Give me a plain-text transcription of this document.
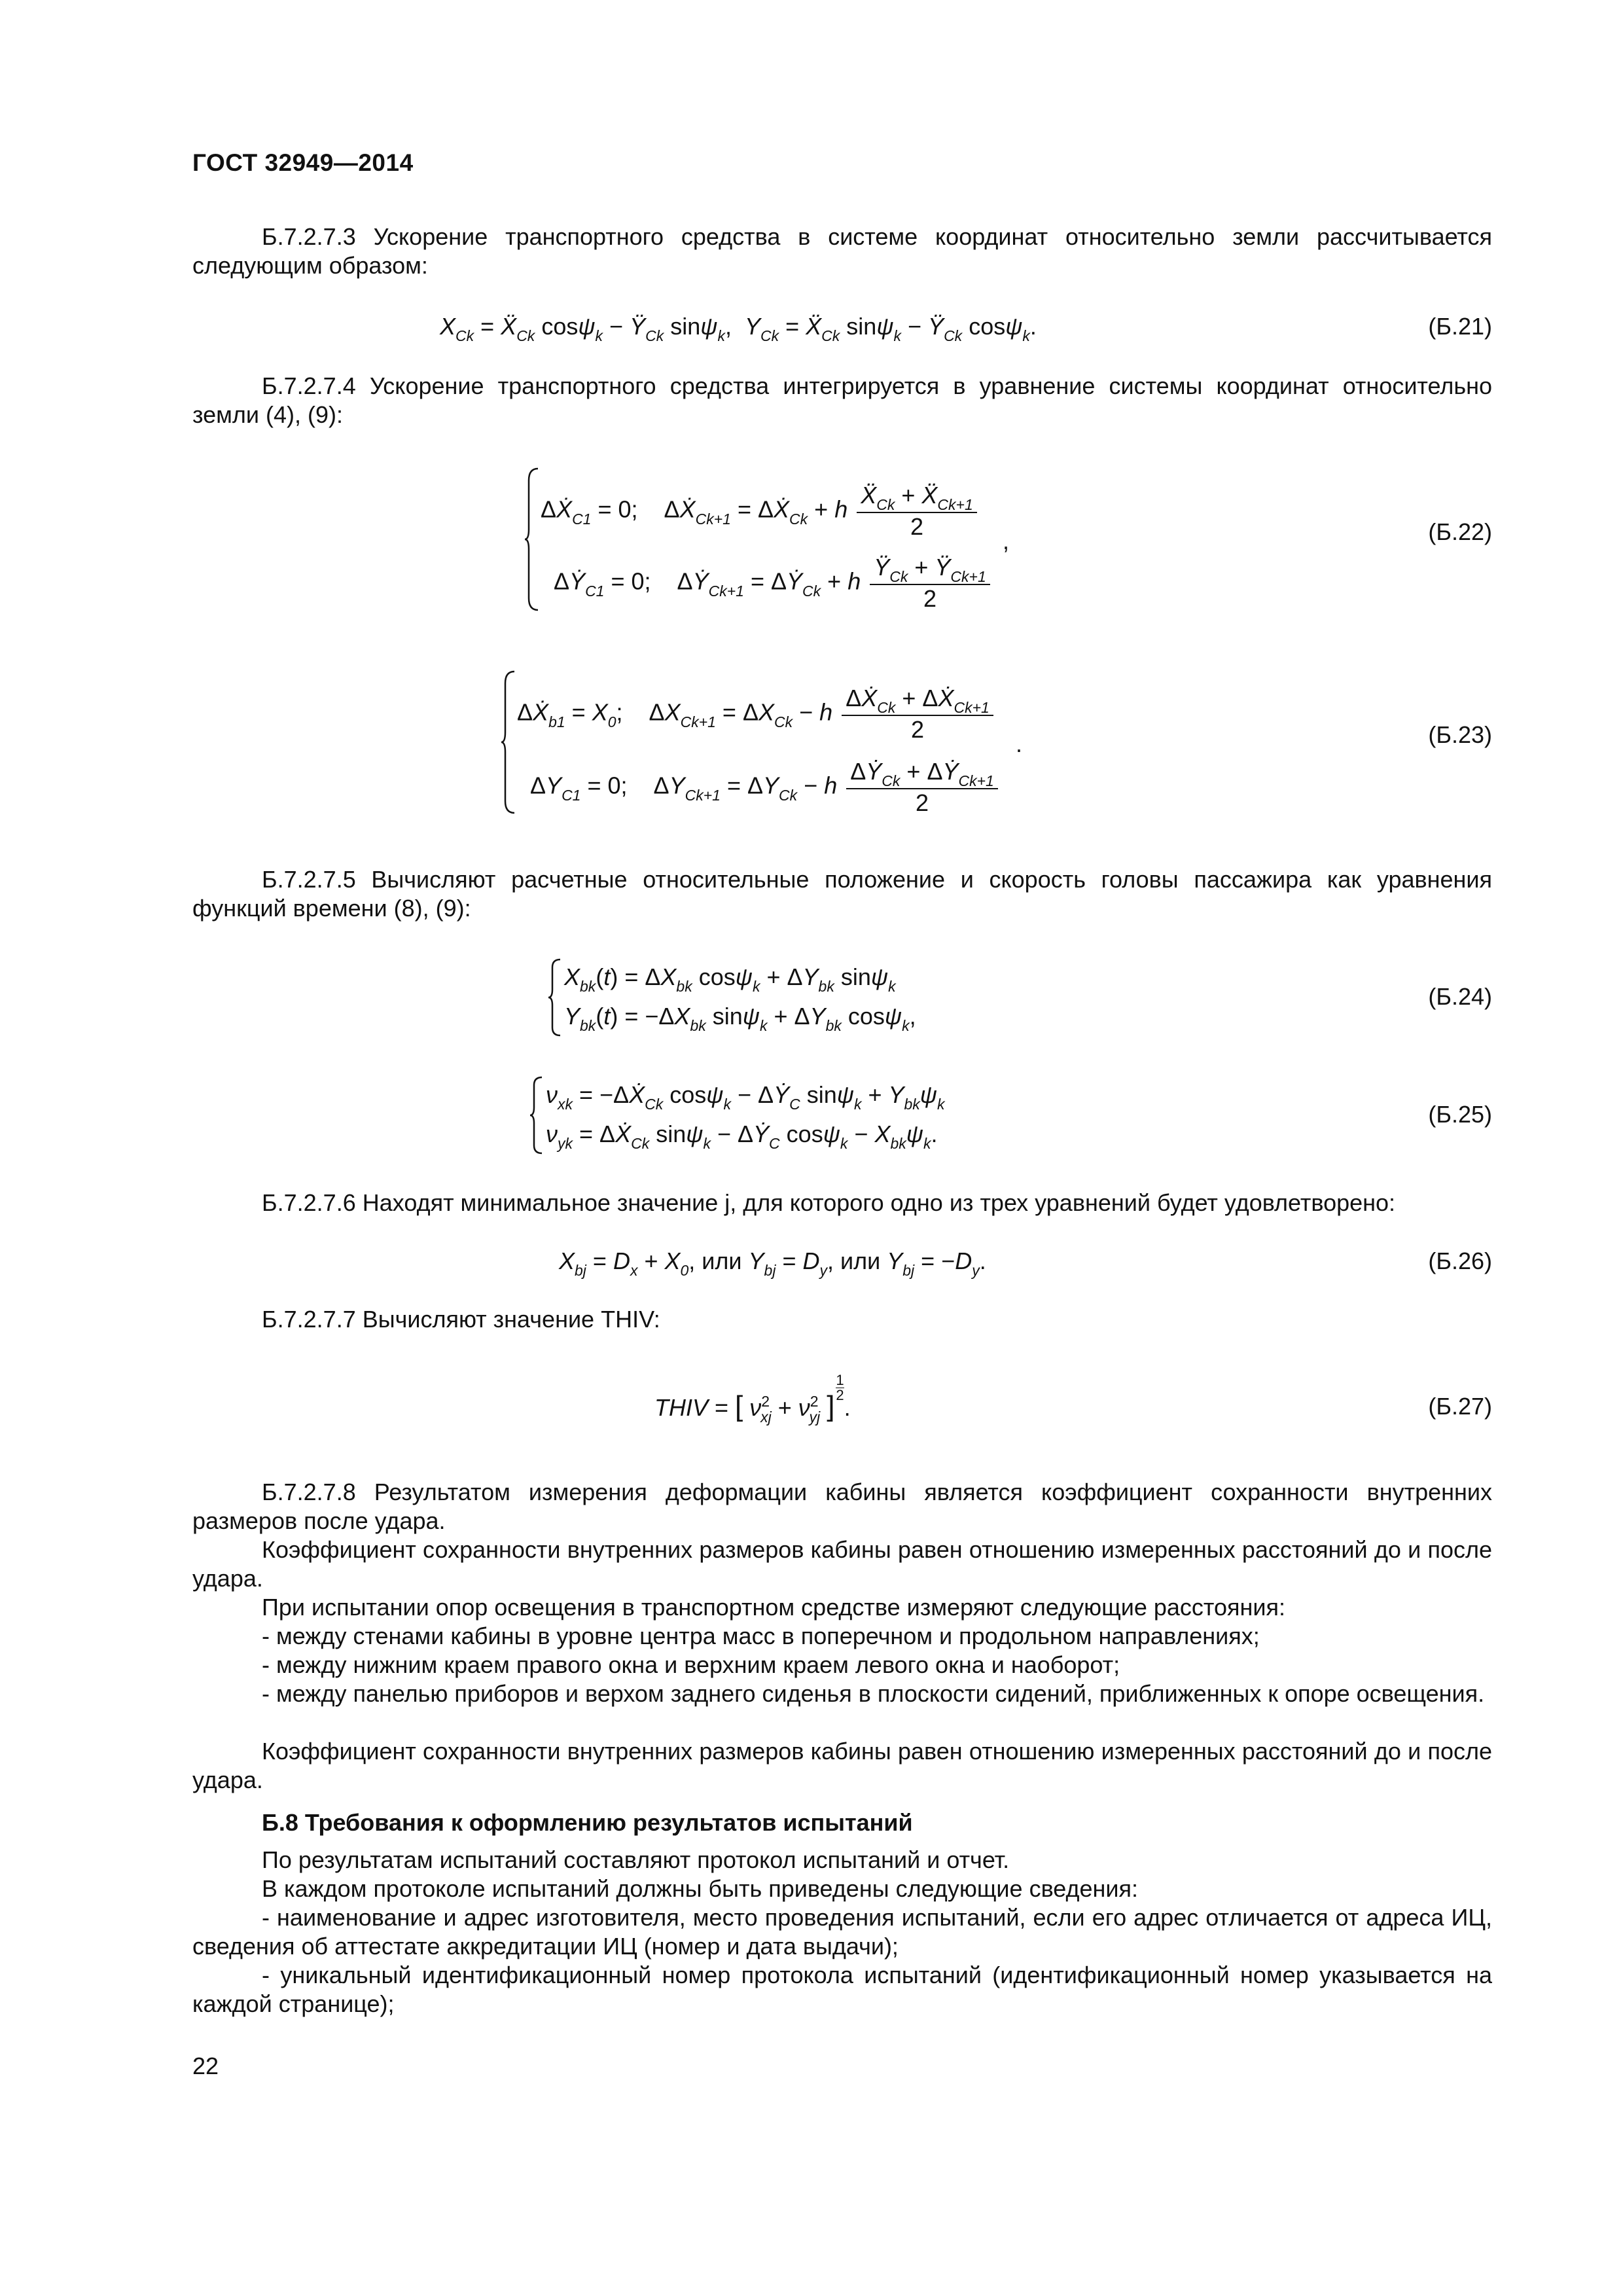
ГОСТ 32949—2014
Б.7.2.7.3 Ускорение транспортного средства в системе координат относительно земли рассчитывается следующим образом:
$X_{Ck}$ = Ẍ$_{Ck}$ $\cos\psi_k - Ÿ_{Ck}$ sinψ$_k$,  $Y_{Ck}$ = Ẍ$_{Ck}$ $\sin\psi_k - Ÿ_{Ck}$ cosψ$_k$.	(Б.21)
Б.7.2.7.4 Ускорение транспортного средства интегрируется в уравнение системы координат относительно земли (4), (9):
ΔẊ$_{C1}$ = 0;    ΔẊ$_{Ck+1}$ = ΔẊ$_{Ck}$ + h $\frac{Ẍ_{Ck} + Ẍ_{Ck+1}}{2}$
ΔẎ$_{C1}$ = 0;    ΔẎ$_{Ck+1}$ = ΔẎ$_{Ck}$ + h $\frac{Ÿ_{Ck} + Ÿ_{Ck+1}}{2}$
,	(Б.22)
ΔẊ$_{b1}$ = $X_0$;    $\Delta X_{Ck+1} = \Delta X_{Ck} - h \frac{\Delta Ẋ_{Ck} + \Delta Ẋ_{Ck+1}}{2}$
$\Delta Y_{C1} = 0$;    $\Delta Y_{Ck+1} = \Delta Y_{Ck} - h \frac{\Delta Ẏ_{Ck} + \Delta Ẏ_{Ck+1}}{2}$
.	(Б.23)
Б.7.2.7.5 Вычисляют расчетные относительные положение и скорость головы пассажира как уравнения функций времени (8), (9):
$X_{bk}(t) = \Delta X_{bk}$ $\cos\psi_k + \Delta Y_{bk}$ sinψ$_k$
$Y_{bk}(t) = -\Delta X_{bk}$ $\sin\psi_k + \Delta Y_{bk}$ cosψ$_k$,
(Б.24)
$\nu_{xk}$ = −ΔẊ$_{Ck}$ cosψ$_k$ − ΔẎ$_C$ $\sin\psi_k + Y_{bk}\psi_k$
$\nu_{yk}$ = ΔẊ$_{Ck}$ sinψ$_k$ − ΔẎ$_C$ $\cos\psi_k - X_{bk}\psi_k$.
(Б.25)
Б.7.2.7.6 Находят минимальное значение j, для которого одно из трех уравнений будет удовлетворено:
$X_{bj} = D_x + X_0$, или $Y_{bj} = D_y$, или $Y_{bj} = -D_y$.	(Б.26)
Б.7.2.7.7 Вычисляют значение THIV:
THIV = [ $\nu^2_{xj} + \nu^2_{yj}$ ]
$\frac{1}{2}$
.	(Б.27)
Б.7.2.7.8 Результатом измерения деформации кабины является коэффициент сохранности внутренних размеров после удара.
Коэффициент сохранности внутренних размеров кабины равен отношению измеренных расстояний до и после удара.
При испытании опор освещения в транспортном средстве измеряют следующие расстояния:
- между стенами кабины в уровне центра масс в поперечном и продольном направлениях;
- между нижним краем правого окна и верхним краем левого окна и наоборот;
- между панелью приборов и верхом заднего сиденья в плоскости сидений, приближенных к опоре освещения.
Коэффициент сохранности внутренних размеров кабины равен отношению измеренных расстояний до и после удара.
Б.8 Требования к оформлению результатов испытаний
По результатам испытаний составляют протокол испытаний и отчет.
В каждом протоколе испытаний должны быть приведены следующие сведения:
- наименование и адрес изготовителя, место проведения испытаний, если его адрес отличается от адреса ИЦ, сведения об аттестате аккредитации ИЦ (номер и дата выдачи);
- уникальный идентификационный номер протокола испытаний (идентификационный номер указывается на каждой странице);
22
